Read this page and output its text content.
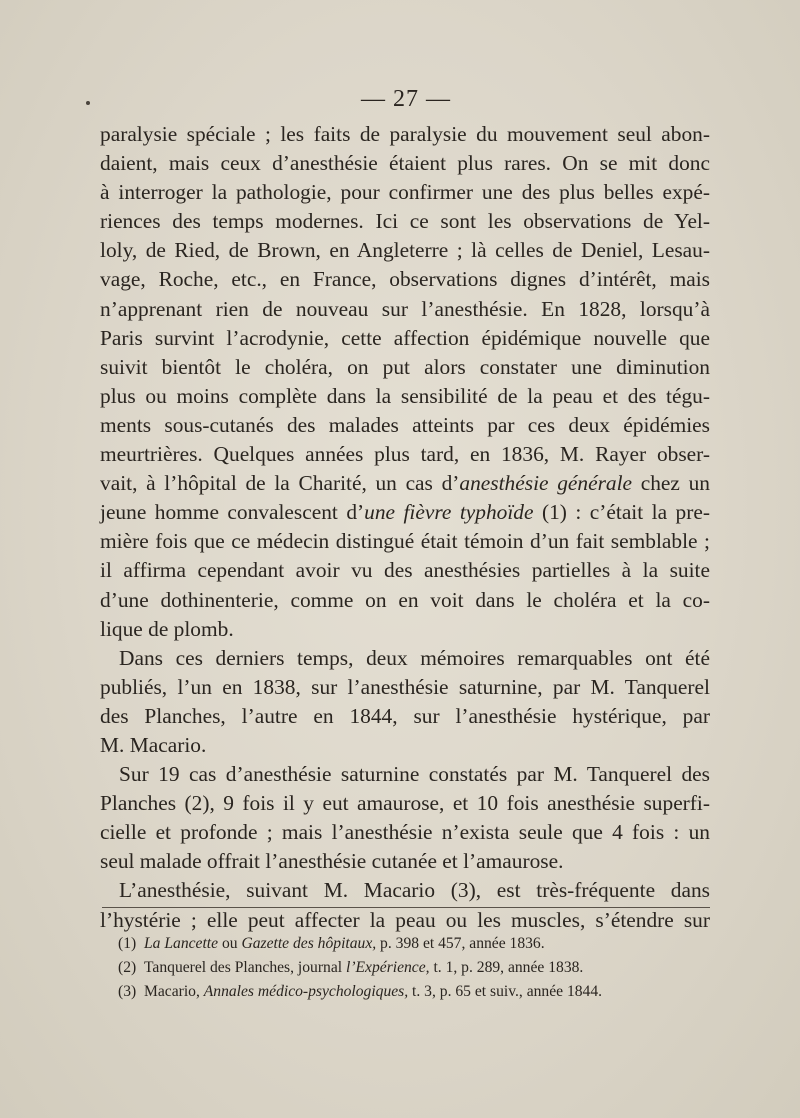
— 27 —
paralysie spéciale ; les faits de paralysie du mouvement seul abon-
daient, mais ceux d’anesthésie étaient plus rares. On se mit donc
à interroger la pathologie, pour confirmer une des plus belles expé-
riences des temps modernes. Ici ce sont les observations de Yel-
loly, de Ried, de Brown, en Angleterre ; là celles de Deniel, Lesau-
vage, Roche, etc., en France, observations dignes d’intérêt, mais
n’apprenant rien de nouveau sur l’anesthésie. En 1828, lorsqu’à
Paris survint l’acrodynie, cette affection épidémique nouvelle que
suivit bientôt le choléra, on put alors constater une diminution
plus ou moins complète dans la sensibilité de la peau et des tégu-
ments sous-cutanés des malades atteints par ces deux épidémies
meurtrières. Quelques années plus tard, en 1836, M. Rayer obser-
vait, à l’hôpital de la Charité, un cas d’anesthésie générale chez un
jeune homme convalescent d’une fièvre typhoïde (1) : c’était la pre-
mière fois que ce médecin distingué était témoin d’un fait semblable ;
il affirma cependant avoir vu des anesthésies partielles à la suite
d’une dothinenterie, comme on en voit dans le choléra et la co-
lique de plomb.
Dans ces derniers temps, deux mémoires remarquables ont été
publiés, l’un en 1838, sur l’anesthésie saturnine, par M. Tanquerel
des Planches, l’autre en 1844, sur l’anesthésie hystérique, par
M. Macario.
Sur 19 cas d’anesthésie saturnine constatés par M. Tanquerel des
Planches (2), 9 fois il y eut amaurose, et 10 fois anesthésie superfi-
cielle et profonde ; mais l’anesthésie n’exista seule que 4 fois : un
seul malade offrait l’anesthésie cutanée et l’amaurose.
L’anesthésie, suivant M. Macario (3), est très-fréquente dans
l’hystérie ; elle peut affecter la peau ou les muscles, s’étendre sur
(1) La Lancette ou Gazette des hôpitaux, p. 398 et 457, année 1836.
(2) Tanquerel des Planches, journal l’Expérience, t. 1, p. 289, année 1838.
(3) Macario, Annales médico-psychologiques, t. 3, p. 65 et suiv., année 1844.
